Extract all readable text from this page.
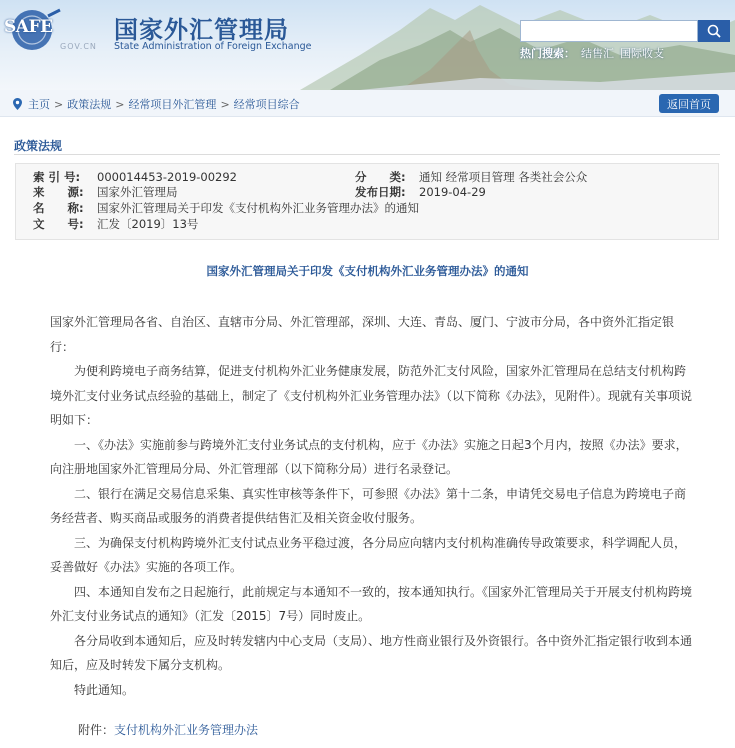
SAFE
GOV.CN
国家外汇管理局
State Administration of Foreign Exchange
热门搜索： 结售汇 国际收支
主页 > 政策法规 > 经常项目外汇管理 > 经常项目综合	返回首页
政策法规
索 引 号: 000014453-2019-00292	分　　类: 通知 经常项目管理 各类社会公众
来　　源: 国家外汇管理局	发布日期: 2019-04-29
名　　称: 国家外汇管理局关于印发《支付机构外汇业务管理办法》的通知
文　　号: 汇发〔2019〕13号
国家外汇管理局关于印发《支付机构外汇业务管理办法》的通知

国家外汇管理局各省、自治区、直辖市分局、外汇管理部，深圳、大连、青岛、厦门、宁波市分局，各中资外汇指定银行：

　　为便利跨境电子商务结算，促进支付机构外汇业务健康发展，防范外汇支付风险，国家外汇管理局在总结支付机构跨境外汇支付业务试点经验的基础上，制定了《支付机构外汇业务管理办法》（以下简称《办法》，见附件）。现就有关事项说明如下：

　　一、《办法》实施前参与跨境外汇支付业务试点的支付机构，应于《办法》实施之日起3个月内，按照《办法》要求，向注册地国家外汇管理局分局、外汇管理部（以下简称分局）进行名录登记。

　　二、银行在满足交易信息采集、真实性审核等条件下，可参照《办法》第十二条，申请凭交易电子信息为跨境电子商务经营者、购买商品或服务的消费者提供结售汇及相关资金收付服务。

　　三、为确保支付机构跨境外汇支付试点业务平稳过渡，各分局应向辖内支付机构准确传导政策要求，科学调配人员，妥善做好《办法》实施的各项工作。

　　四、本通知自发布之日起施行，此前规定与本通知不一致的，按本通知执行。《国家外汇管理局关于开展支付机构跨境外汇支付业务试点的通知》（汇发〔2015〕7号）同时废止。

　　各分局收到本通知后，应及时转发辖内中心支局（支局）、地方性商业银行及外资银行。各中资外汇指定银行收到本通知后，应及时转发下属分支机构。

　　特此通知。

附件：支付机构外汇业务管理办法
